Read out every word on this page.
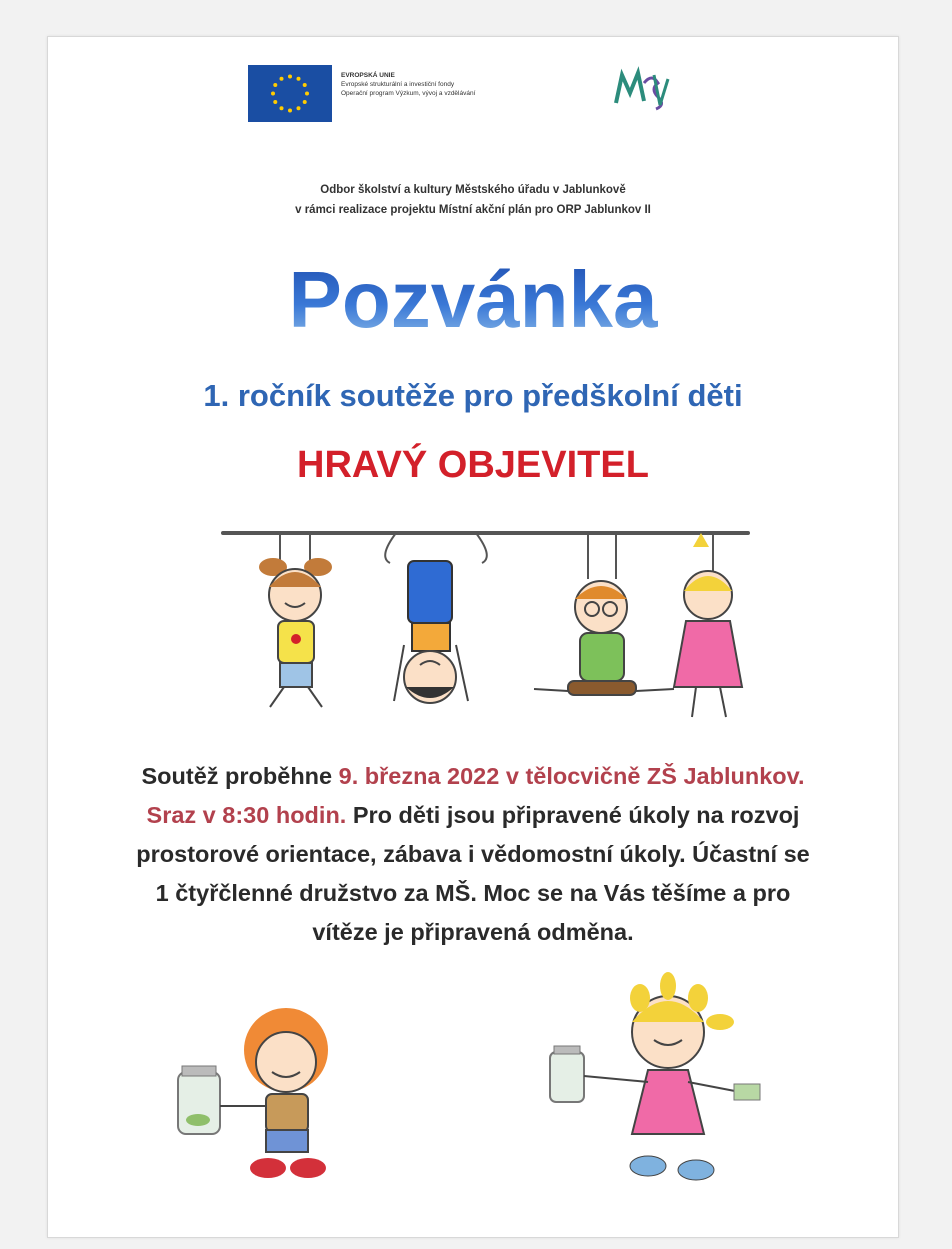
EVROPSKÁ UNIE
Evropské strukturální a investiční fondy
Operační program Výzkum, vývoj a vzdělávání
Odbor školství a kultury Městského úřadu v Jablunkově
v rámci realizace projektu Místní akční plán pro ORP Jablunkov II
Pozvánka
1. ročník soutěže pro předškolní děti
HRAVÝ OBJEVITEL
Soutěž proběhne 9. března 2022 v tělocvičně ZŠ Jablunkov.
Sraz v 8:30 hodin. Pro děti jsou připravené úkoly na rozvoj
prostorové orientace, zábava i vědomostní úkoly. Účastní se
1 čtyřčlenné družstvo za MŠ. Moc se na Vás těšíme a pro
vítěze je připravená odměna.
